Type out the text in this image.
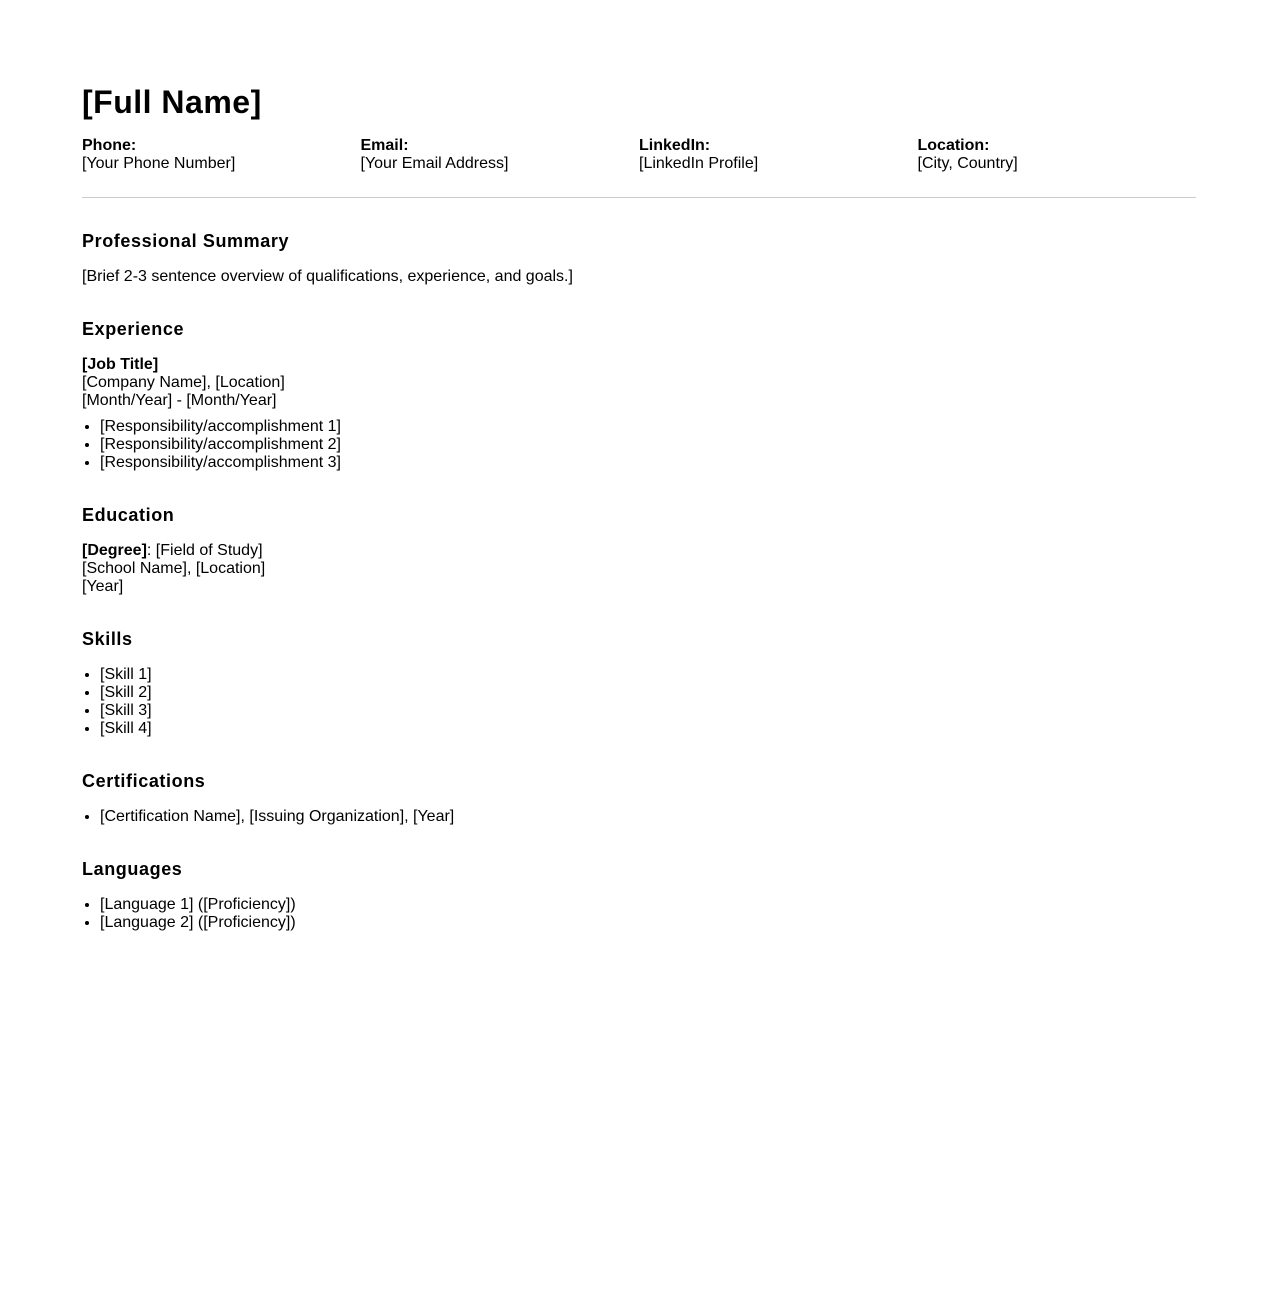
[Full Name]
Phone:
[Your Phone Number]
Email:
[Your Email Address]
LinkedIn:
[LinkedIn Profile]
Location:
[City, Country]
Professional Summary
[Brief 2-3 sentence overview of qualifications, experience, and goals.]
Experience
[Job Title]
[Company Name], [Location]
[Month/Year] - [Month/Year]
• [Responsibility/accomplishment 1]
• [Responsibility/accomplishment 2]
• [Responsibility/accomplishment 3]
Education
[Degree]: [Field of Study]
[School Name], [Location]
[Year]
Skills
• [Skill 1]
• [Skill 2]
• [Skill 3]
• [Skill 4]
Certifications
• [Certification Name], [Issuing Organization], [Year]
Languages
• [Language 1] ([Proficiency])
• [Language 2] ([Proficiency])
